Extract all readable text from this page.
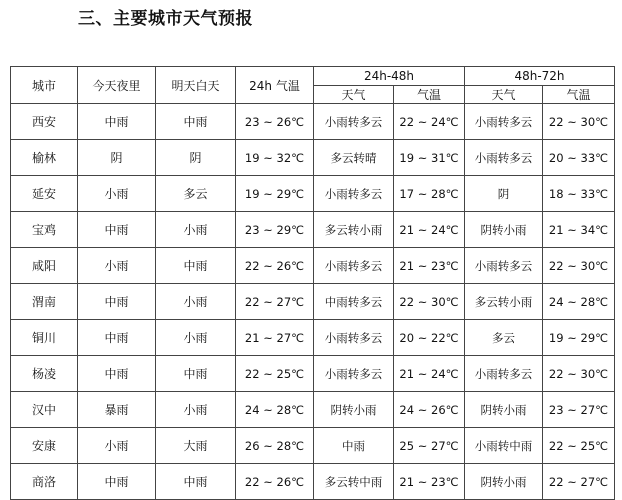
三、主要城市天气预报
城市	今天夜里	明天白天	24h 气温	24h-48h		48h-72h	
				天气	气温	天气	气温
西安	中雨	中雨	23 ~ 26℃	小雨转多云	22 ~ 24℃	小雨转多云	22 ~ 30℃
榆林	阴	阴	19 ~ 32℃	多云转晴	19 ~ 31℃	小雨转多云	20 ~ 33℃
延安	小雨	多云	19 ~ 29℃	小雨转多云	17 ~ 28℃	阴	18 ~ 33℃
宝鸡	中雨	小雨	23 ~ 29℃	多云转小雨	21 ~ 24℃	阴转小雨	21 ~ 34℃
咸阳	小雨	中雨	22 ~ 26℃	小雨转多云	21 ~ 23℃	小雨转多云	22 ~ 30℃
渭南	中雨	小雨	22 ~ 27℃	中雨转多云	22 ~ 30℃	多云转小雨	24 ~ 28℃
铜川	中雨	小雨	21 ~ 27℃	小雨转多云	20 ~ 22℃	多云	19 ~ 29℃
杨凌	中雨	中雨	22 ~ 25℃	小雨转多云	21 ~ 24℃	小雨转多云	22 ~ 30℃
汉中	暴雨	小雨	24 ~ 28℃	阴转小雨	24 ~ 26℃	阴转小雨	23 ~ 27℃
安康	小雨	大雨	26 ~ 28℃	中雨	25 ~ 27℃	小雨转中雨	22 ~ 25℃
商洛	中雨	中雨	22 ~ 26℃	多云转中雨	21 ~ 23℃	阴转小雨	22 ~ 27℃
